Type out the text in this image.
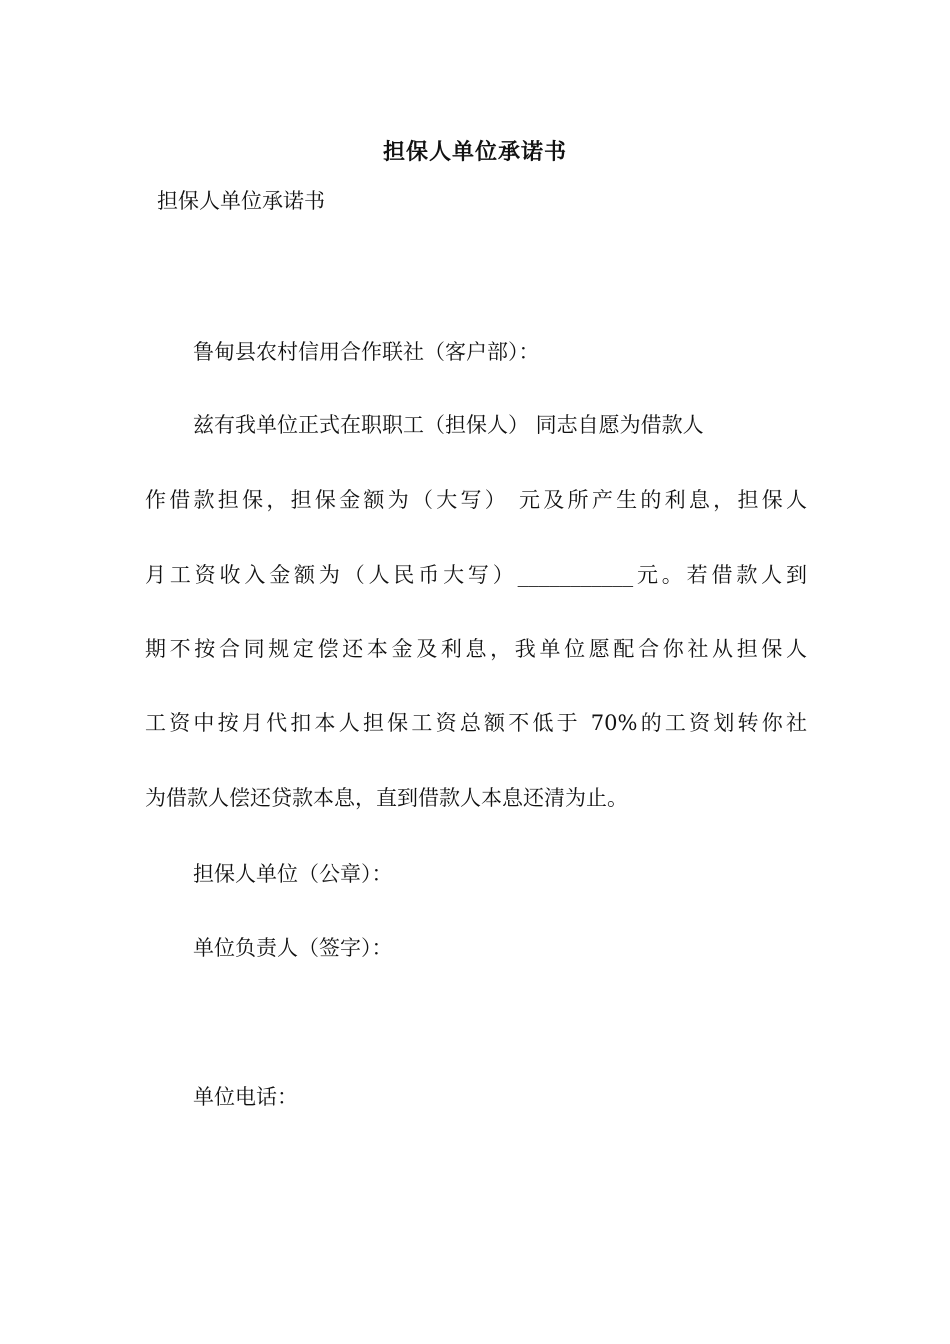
担保人单位承诺书
担保人单位承诺书
鲁甸县农村信用合作联社（客户部）：
兹有我单位正式在职职工（担保人） 同志自愿为借款人
作借款担保，担保金额为（大写） 元及所产生的利息，担保人
月工资收入金额为（人民币大写）___________元。若借款人到
期不按合同规定偿还本金及利息，我单位愿配合你社从担保人
工资中按月代扣本人担保工资总额不低于 70%的工资划转你社
为借款人偿还贷款本息，直到借款人本息还清为止。
担保人单位（公章）：
单位负责人（签字）：
单位电话：
